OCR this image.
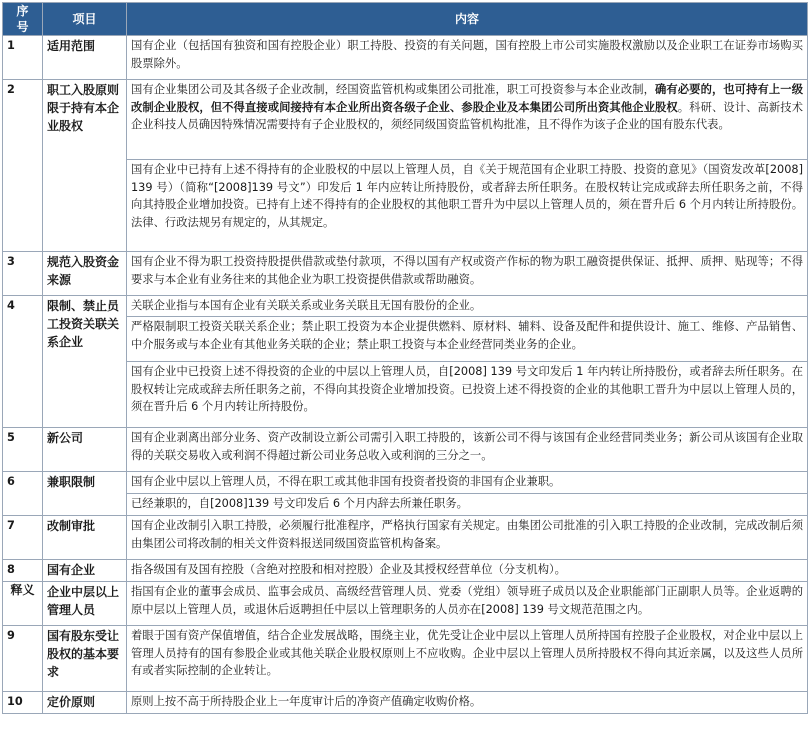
序号	项目	内容
1	适用范围	国有企业（包括国有独资和国有控股企业）职工持股、投资的有关问题，国有控股上市公司实施股权激励以及企业职工在证券市场购买股票除外。
2	职工入股原则限于持有本企业股权	国有企业集团公司及其各级子企业改制，经国资监管机构或集团公司批准，职工可投资参与本企业改制，确有必要的，也可持有上一级改制企业股权，但不得直接或间接持有本企业所出资各级子企业、参股企业及本集团公司所出资其他企业股权。科研、设计、高新技术企业科技人员确因特殊情况需要持有子企业股权的，须经同级国资监管机构批准，且不得作为该子企业的国有股东代表。
		国有企业中已持有上述不得持有的企业股权的中层以上管理人员，自《关于规范国有企业职工持股、投资的意见》（国资发改革[2008] 139 号）（简称“[2008]139 号文”）印发后 1 年内应转让所持股份，或者辞去所任职务。在股权转让完成或辞去所任职务之前，不得向其持股企业增加投资。已持有上述不得持有的企业股权的其他职工晋升为中层以上管理人员的，须在晋升后 6 个月内转让所持股份。法律、行政法规另有规定的，从其规定。
3	规范入股资金来源	国有企业不得为职工投资持股提供借款或垫付款项，不得以国有产权或资产作标的物为职工融资提供保证、抵押、质押、贴现等；不得要求与本企业有业务往来的其他企业为职工投资提供借款或帮助融资。
4	限制、禁止员工投资关联关系企业	关联企业指与本国有企业有关联关系或业务关联且无国有股份的企业。
		严格限制职工投资关联关系企业；禁止职工投资为本企业提供燃料、原材料、辅料、设备及配件和提供设计、施工、维修、产品销售、中介服务或与本企业有其他业务关联的企业；禁止职工投资与本企业经营同类业务的企业。
		国有企业中已投资上述不得投资的企业的中层以上管理人员，自[2008] 139 号文印发后 1 年内转让所持股份，或者辞去所任职务。在股权转让完成或辞去所任职务之前，不得向其投资企业增加投资。已投资上述不得投资的企业的其他职工晋升为中层以上管理人员的，须在晋升后 6 个月内转让所持股份。
5	新公司	国有企业剥离出部分业务、资产改制设立新公司需引入职工持股的，该新公司不得与该国有企业经营同类业务；新公司从该国有企业取得的关联交易收入或利润不得超过新公司业务总收入或利润的三分之一。
6	兼职限制	国有企业中层以上管理人员，不得在职工或其他非国有投资者投资的非国有企业兼职。
		已经兼职的，自[2008]139 号文印发后 6 个月内辞去所兼任职务。
7	改制审批	国有企业改制引入职工持股，必须履行批准程序，严格执行国家有关规定。由集团公司批准的引入职工持股的企业改制，完成改制后须由集团公司将改制的相关文件资料报送同级国资监管机构备案。
8	国有企业	指各级国有及国有控股（含绝对控股和相对控股）企业及其授权经营单位（分支机构）。
释义	企业中层以上管理人员	指国有企业的董事会成员、监事会成员、高级经营管理人员、党委（党组）领导班子成员以及企业职能部门正副职人员等。企业返聘的原中层以上管理人员，或退休后返聘担任中层以上管理职务的人员亦在[2008] 139 号文规范范围之内。
9	国有股东受让股权的基本要求	着眼于国有资产保值增值，结合企业发展战略，围绕主业，优先受让企业中层以上管理人员所持国有控股子企业股权，对企业中层以上管理人员持有的国有参股企业或其他关联企业股权原则上不应收购。企业中层以上管理人员所持股权不得向其近亲属，以及这些人员所有或者实际控制的企业转让。
10	定价原则	原则上按不高于所持股企业上一年度审计后的净资产值确定收购价格。
